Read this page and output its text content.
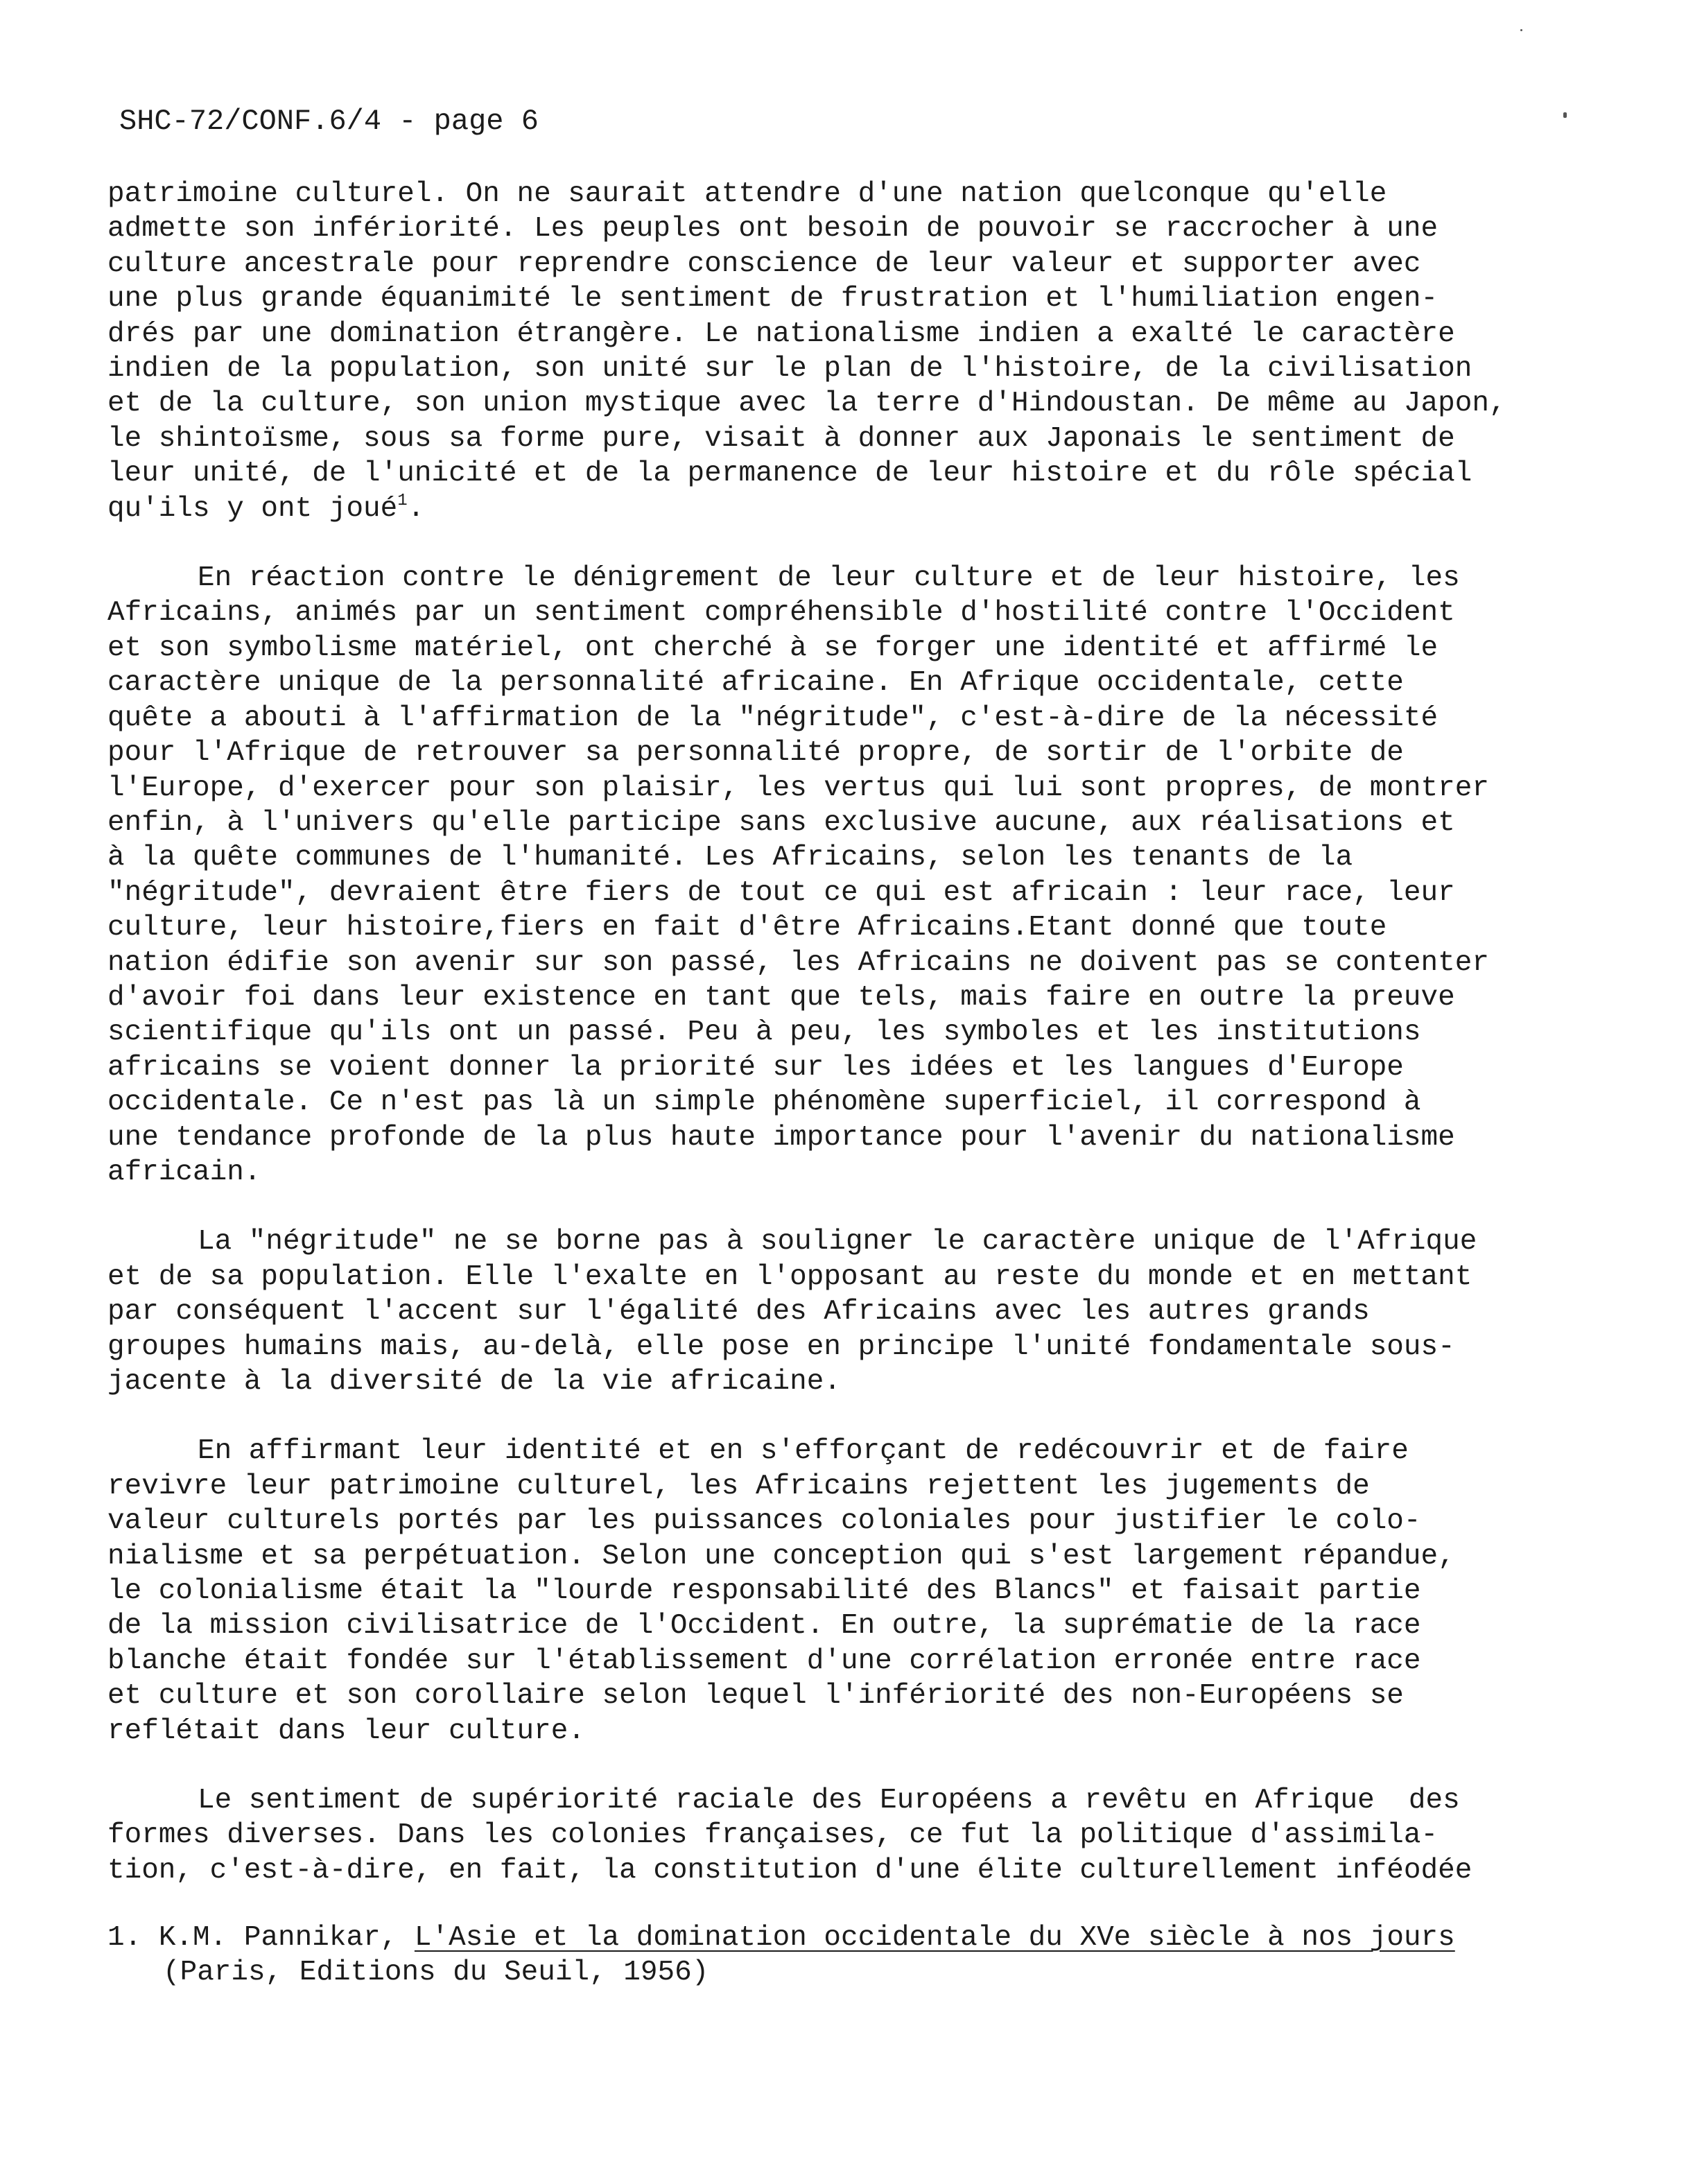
SHC-72/CONF.6/4 - page 6

patrimoine culturel. On ne saurait attendre d'une nation quelconque qu'elle
admette son infériorité. Les peuples ont besoin de pouvoir se raccrocher à une
culture ancestrale pour reprendre conscience de leur valeur et supporter avec
une plus grande équanimité le sentiment de frustration et l'humiliation engen-
drés par une domination étrangère. Le nationalisme indien a exalté le caractère
indien de la population, son unité sur le plan de l'histoire, de la civilisation
et de la culture, son union mystique avec la terre d'Hindoustan. De même au Japon,
le shintoïsme, sous sa forme pure, visait à donner aux Japonais le sentiment de
leur unité, de l'unicité et de la permanence de leur histoire et du rôle spécial
qu'ils y ont joué$^1$.

En réaction contre le dénigrement de leur culture et de leur histoire, les
Africains, animés par un sentiment compréhensible d'hostilité contre l'Occident
et son symbolisme matériel, ont cherché à se forger une identité et affirmé le
caractère unique de la personnalité africaine. En Afrique occidentale, cette
quête a abouti à l'affirmation de la "négritude", c'est-à-dire de la nécessité
pour l'Afrique de retrouver sa personnalité propre, de sortir de l'orbite de
l'Europe, d'exercer pour son plaisir, les vertus qui lui sont propres, de montrer
enfin, à l'univers qu'elle participe sans exclusive aucune, aux réalisations et
à la quête communes de l'humanité. Les Africains, selon les tenants de la
"négritude", devraient être fiers de tout ce qui est africain : leur race, leur
culture, leur histoire,fiers en fait d'être Africains.Etant donné que toute
nation édifie son avenir sur son passé, les Africains ne doivent pas se contenter
d'avoir foi dans leur existence en tant que tels, mais faire en outre la preuve
scientifique qu'ils ont un passé. Peu à peu, les symboles et les institutions
africains se voient donner la priorité sur les idées et les langues d'Europe
occidentale. Ce n'est pas là un simple phénomène superficiel, il correspond à
une tendance profonde de la plus haute importance pour l'avenir du nationalisme
africain.

La "négritude" ne se borne pas à souligner le caractère unique de l'Afrique
et de sa population. Elle l'exalte en l'opposant au reste du monde et en mettant
par conséquent l'accent sur l'égalité des Africains avec les autres grands
groupes humains mais, au-delà, elle pose en principe l'unité fondamentale sous-
jacente à la diversité de la vie africaine.

En affirmant leur identité et en s'efforçant de redécouvrir et de faire
revivre leur patrimoine culturel, les Africains rejettent les jugements de
valeur culturels portés par les puissances coloniales pour justifier le colo-
nialisme et sa perpétuation. Selon une conception qui s'est largement répandue,
le colonialisme était la "lourde responsabilité des Blancs" et faisait partie
de la mission civilisatrice de l'Occident. En outre, la suprématie de la race
blanche était fondée sur l'établissement d'une corrélation erronée entre race
et culture et son corollaire selon lequel l'infériorité des non-Européens se
reflétait dans leur culture.

Le sentiment de supériorité raciale des Européens a revêtu en Afrique  des
formes diverses. Dans les colonies françaises, ce fut la politique d'assimila-
tion, c'est-à-dire, en fait, la constitution d'une élite culturellement inféodée

1. K.M. Pannikar, L'Asie et la domination occidentale du XVe siècle à nos jours
(Paris, Editions du Seuil, 1956)
